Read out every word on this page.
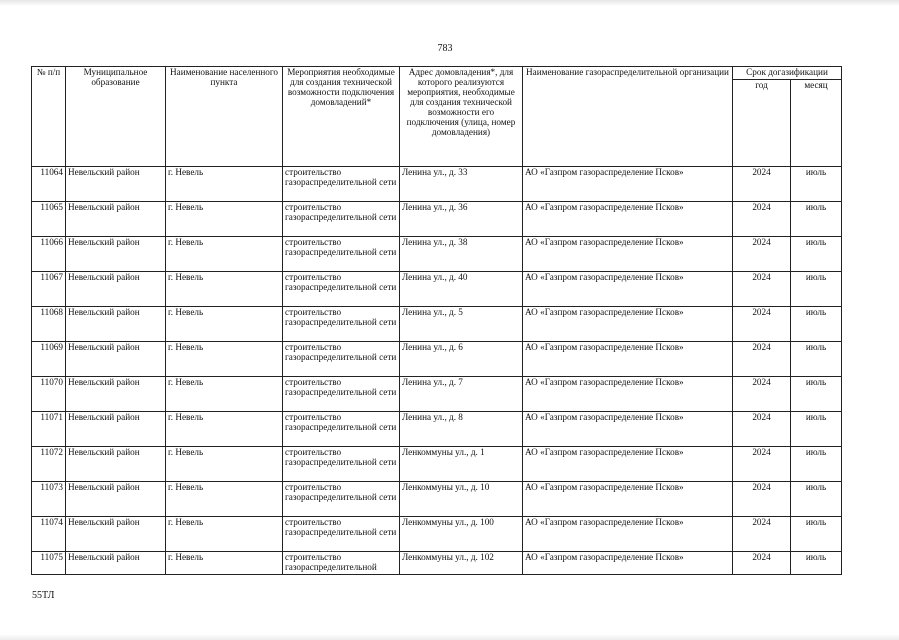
783
№ п/п	Муниципальное образование	Наименование населенного пункта	Мероприятия необходимые для создания технической возможности подключения домовладений*	Адрес домовладения*, для которого реализуются мероприятия, необходимые для создания технической возможности его подключения (улица, номер домовладения)	Наименование газораспределительной организации	Срок догазификации	
						год	месяц
11064	Невельский район	г. Невель	строительство газораспределительной сети	Ленина ул., д. 33	АО «Газпром газораспределение Псков»	2024	июль
11065	Невельский район	г. Невель	строительство газораспределительной сети	Ленина ул., д. 36	АО «Газпром газораспределение Псков»	2024	июль
11066	Невельский район	г. Невель	строительство газораспределительной сети	Ленина ул., д. 38	АО «Газпром газораспределение Псков»	2024	июль
11067	Невельский район	г. Невель	строительство газораспределительной сети	Ленина ул., д. 40	АО «Газпром газораспределение Псков»	2024	июль
11068	Невельский район	г. Невель	строительство газораспределительной сети	Ленина ул., д. 5	АО «Газпром газораспределение Псков»	2024	июль
11069	Невельский район	г. Невель	строительство газораспределительной сети	Ленина ул., д. 6	АО «Газпром газораспределение Псков»	2024	июль
11070	Невельский район	г. Невель	строительство газораспределительной сети	Ленина ул., д. 7	АО «Газпром газораспределение Псков»	2024	июль
11071	Невельский район	г. Невель	строительство газораспределительной сети	Ленина ул., д. 8	АО «Газпром газораспределение Псков»	2024	июль
11072	Невельский район	г. Невель	строительство газораспределительной сети	Ленкоммуны ул., д. 1	АО «Газпром газораспределение Псков»	2024	июль
11073	Невельский район	г. Невель	строительство газораспределительной сети	Ленкоммуны ул., д. 10	АО «Газпром газораспределение Псков»	2024	июль
11074	Невельский район	г. Невель	строительство газораспределительной сети	Ленкоммуны ул., д. 100	АО «Газпром газораспределение Псков»	2024	июль
11075	Невельский район	г. Невель	строительство газораспределительной	Ленкоммуны ул., д. 102	АО «Газпром газораспределение Псков»	2024	июль
55ТЛ
